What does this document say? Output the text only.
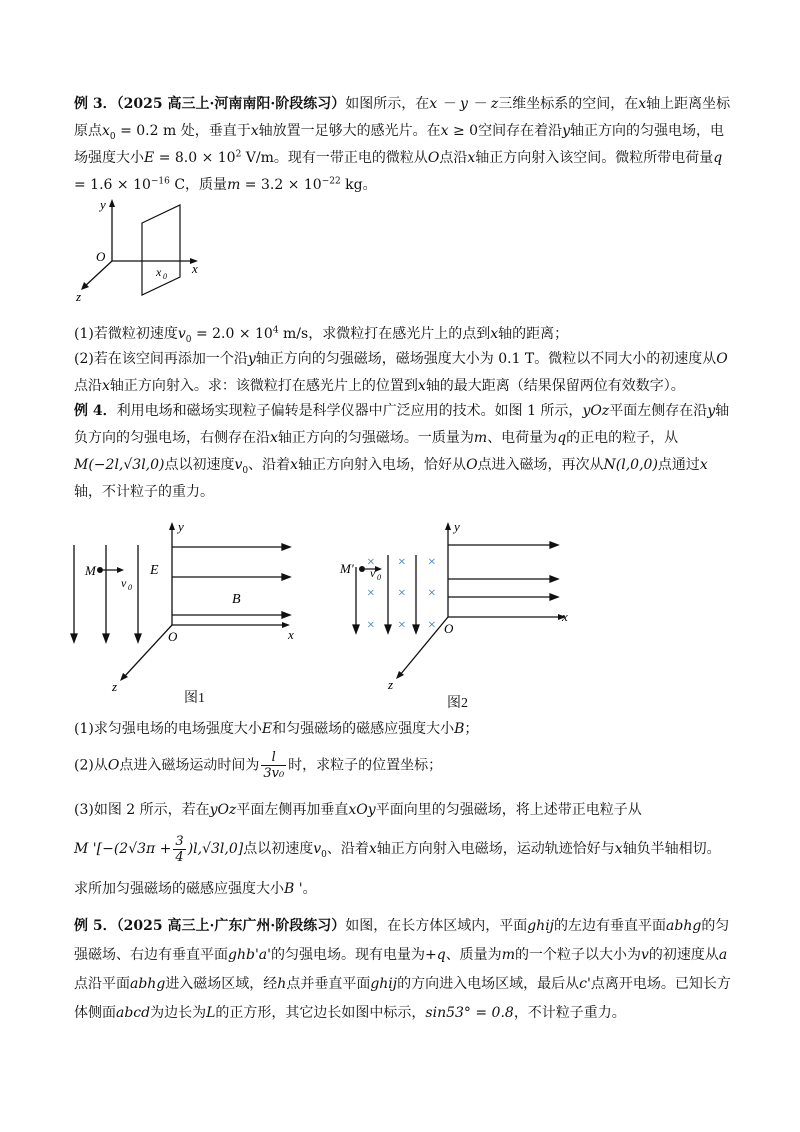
例 3．（2025 高三上·河南南阳·阶段练习）如图所示，在x － y － z三维坐标系的空间，在x轴上距离坐标原点$x_0 = 0.2$ m 处，垂直于x轴放置一足够大的感光片。在x ≥ 0空间存在着沿y轴正方向的匀强电场，电场强度大小$E = 8.0 \times 10^2$ V/m。现有一带正电的微粒从O点沿x轴正方向射入该空间。微粒所带电荷量$q = 1.6 \times 10^{-16}$ C，质量$m = 3.2 \times 10^{-22}$ kg。

y
O
x 0
x
z

(1)若微粒初速度$v_0 = 2.0 \times 10^4$ m/s，求微粒打在感光片上的点到x轴的距离；

(2)若在该空间再添加一个沿y轴正方向的匀强磁场，磁场强度大小为 0.1 T。微粒以不同大小的初速度从O点沿x轴正方向射入。求：该微粒打在感光片上的位置到x轴的最大距离（结果保留两位有效数字）。

例 4．利用电场和磁场实现粒子偏转是科学仪器中广泛应用的技术。如图 1 所示，yOz平面左侧存在沿y轴负方向的匀强电场，右侧存在沿x轴正方向的匀强磁场。一质量为m、电荷量为q的正电的粒子，从M(−2l,√3l,0)点以初速度$v_0$、沿着x轴正方向射入电场，恰好从O点进入磁场，再次从N(l,0,0)点通过x轴，不计粒子的重力。

y
M
v 0
E
B
O	x
z
图1
× × ×
× × ×
× × ×
y
M' v 0
O
x
z
图2

(1)求匀强电场的电场强度大小E和匀强磁场的磁感应强度大小B；

(2)从O点进入磁场运动时间为 $\frac{l}{\text{3v₀}}$ 时，求粒子的位置坐标；

(3)如图 2 所示，若在yOz平面左侧再加垂直xOy平面向里的匀强磁场，将上述带正电粒子从

M '$[-(2√3\pi + \frac{3}{4} )l,√3l,0]$点以初速度$v_0$、沿着x轴正方向射入电磁场，运动轨迹恰好与x轴负半轴相切。

求所加匀强磁场的磁感应强度大小B '。

例 5．（2025 高三上·广东广州·阶段练习）如图，在长方体区域内，平面ghij的左边有垂直平面abhg的匀强磁场、右边有垂直平面ghb'a'的匀强电场。现有电量为+q、质量为m的一个粒子以大小为v的初速度从a点沿平面abhg进入磁场区域，经h点并垂直平面ghij的方向进入电场区域，最后从c'点离开电场。已知长方体侧面abcd为边长为L的正方形，其它边长如图中标示，sin53° = 0.8，不计粒子重力。
